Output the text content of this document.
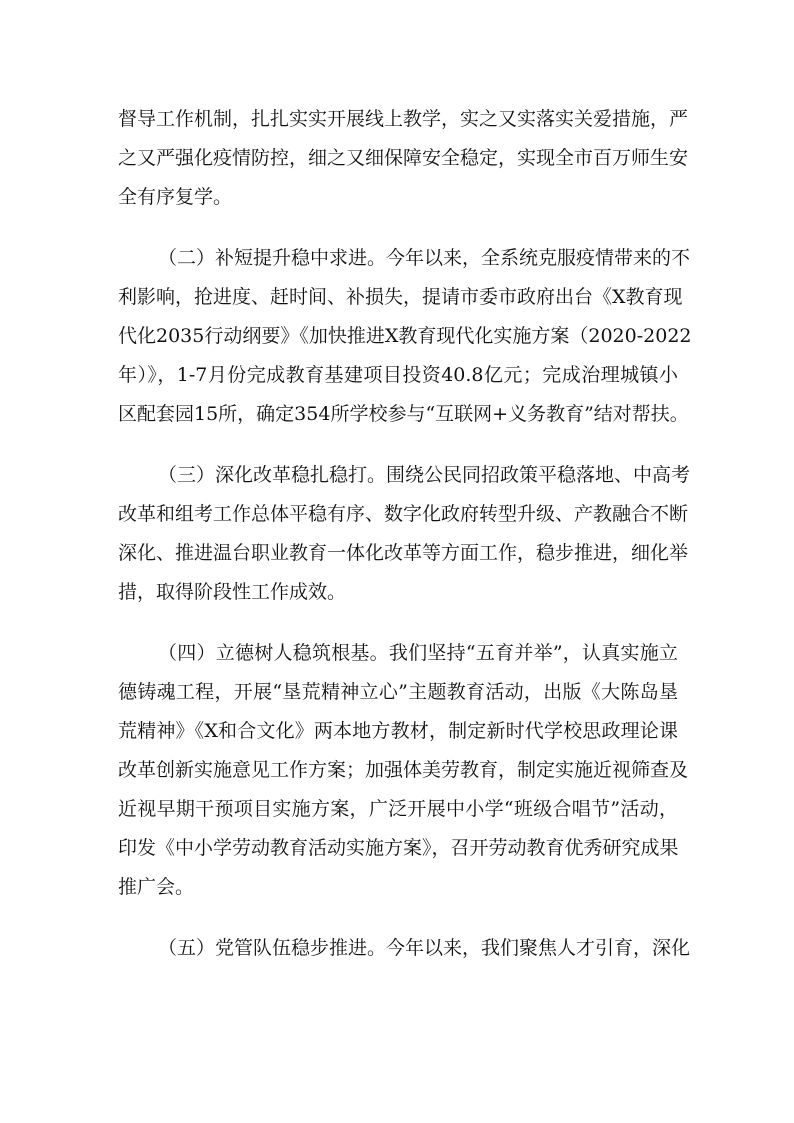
督导工作机制，扎扎实实开展线上教学，实之又实落实关爱措施，严
之又严强化疫情防控，细之又细保障安全稳定，实现全市百万师生安
全有序复学。
（二）补短提升稳中求进。今年以来，全系统克服疫情带来的不
利影响，抢进度、赶时间、补损失，提请市委市政府出台《X教育现
代化2035行动纲要》《加快推进X教育现代化实施方案（2020-2022
年）》，1-7月份完成教育基建项目投资40.8亿元；完成治理城镇小
区配套园15所，确定354所学校参与“互联网+义务教育”结对帮扶。
（三）深化改革稳扎稳打。围绕公民同招政策平稳落地、中高考
改革和组考工作总体平稳有序、数字化政府转型升级、产教融合不断
深化、推进温台职业教育一体化改革等方面工作，稳步推进，细化举
措，取得阶段性工作成效。
（四）立德树人稳筑根基。我们坚持“五育并举”，认真实施立
德铸魂工程，开展“垦荒精神立心”主题教育活动，出版《大陈岛垦
荒精神》《X和合文化》两本地方教材，制定新时代学校思政理论课
改革创新实施意见工作方案；加强体美劳教育，制定实施近视筛查及
近视早期干预项目实施方案，广泛开展中小学“班级合唱节”活动，
印发《中小学劳动教育活动实施方案》，召开劳动教育优秀研究成果
推广会。
（五）党管队伍稳步推进。今年以来，我们聚焦人才引育，深化
